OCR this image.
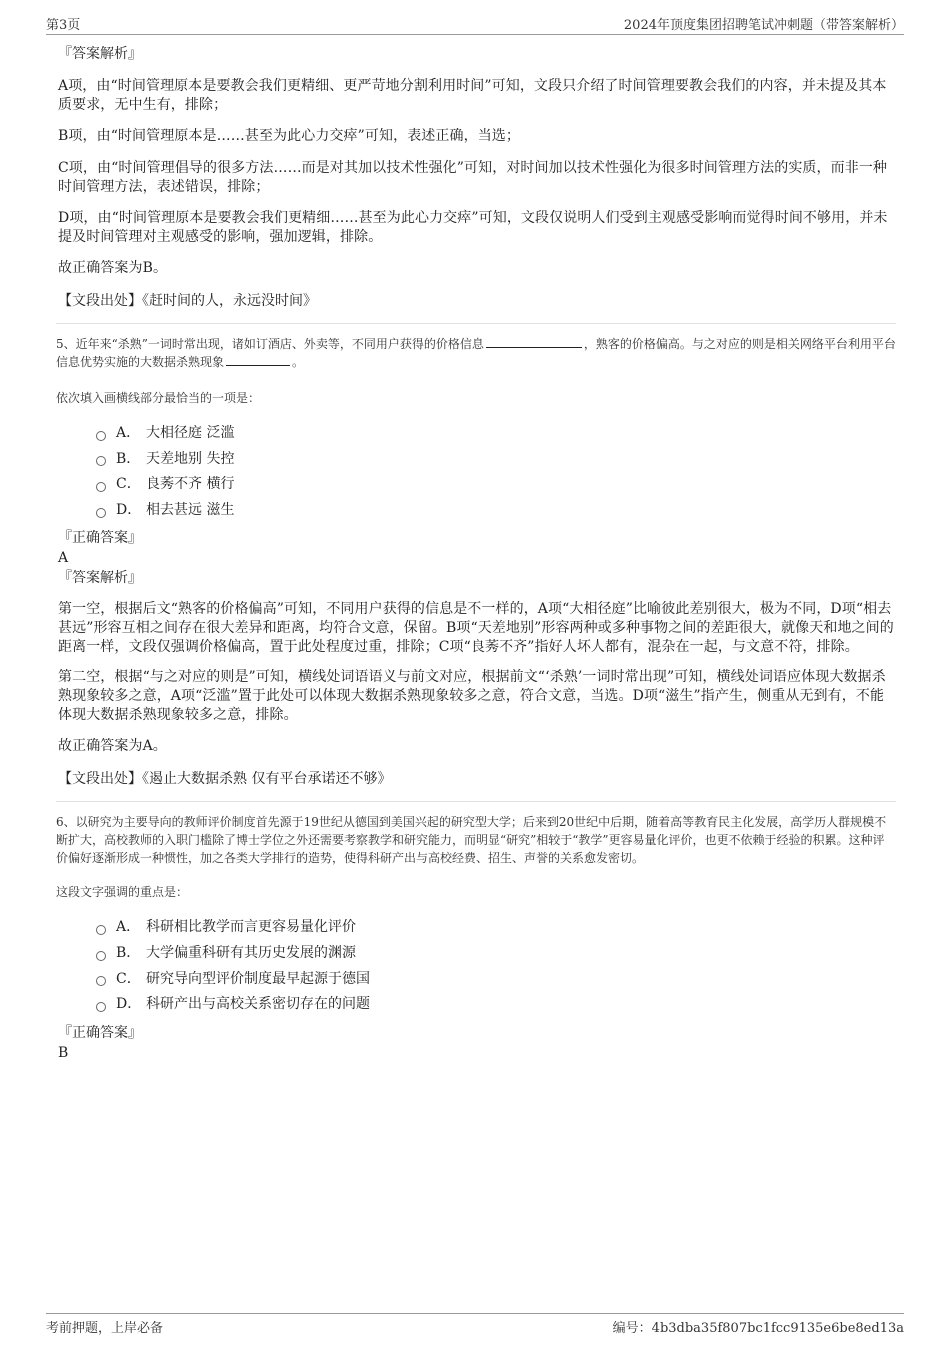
第3页	2024年顶度集团招聘笔试冲刺题（带答案解析）
『答案解析』

A项，由“时间管理原本是要教会我们更精细、更严苛地分割利用时间”可知，文段只介绍了时间管理要教会我们的内容，并未提及其本质要求，无中生有，排除；

B项，由“时间管理原本是……甚至为此心力交瘁”可知，表述正确，当选；

C项，由“时间管理倡导的很多方法……而是对其加以技术性强化”可知，对时间加以技术性强化为很多时间管理方法的实质，而非一种时间管理方法，表述错误，排除；

D项，由“时间管理原本是要教会我们更精细……甚至为此心力交瘁”可知，文段仅说明人们受到主观感受影响而觉得时间不够用，并未提及时间管理对主观感受的影响，强加逻辑，排除。

故正确答案为B。

【文段出处】《赶时间的人，永远没时间》

5、近年来“杀熟”一词时常出现，诸如订酒店、外卖等，不同用户获得的价格信息	，熟客的价格偏高。与之对应的则是相关网络平台利用平台信息优势实施的大数据杀熟现象	。

依次填入画横线部分最恰当的一项是：

A． 大相径庭 泛滥
B． 天差地别 失控
C． 良莠不齐 横行
D． 相去甚远 滋生
『正确答案』
A
『答案解析』

第一空，根据后文“熟客的价格偏高”可知，不同用户获得的信息是不一样的，A项“大相径庭”比喻彼此差别很大，极为不同，D项“相去甚远”形容互相之间存在很大差异和距离，均符合文意，保留。B项“天差地别”形容两种或多种事物之间的差距很大，就像天和地之间的距离一样，文段仅强调价格偏高，置于此处程度过重，排除；C项“良莠不齐”指好人坏人都有，混杂在一起，与文意不符，排除。

第二空，根据“与之对应的则是”可知，横线处词语语义与前文对应，根据前文“‘杀熟’一词时常出现”可知，横线处词语应体现大数据杀熟现象较多之意，A项“泛滥”置于此处可以体现大数据杀熟现象较多之意，符合文意，当选。D项“滋生”指产生，侧重从无到有，不能体现大数据杀熟现象较多之意，排除。

故正确答案为A。

【文段出处】《遏止大数据杀熟 仅有平台承诺还不够》

6、以研究为主要导向的教师评价制度首先源于19世纪从德国到美国兴起的研究型大学；后来到20世纪中后期，随着高等教育民主化发展，高学历人群规模不断扩大，高校教师的入职门槛除了博士学位之外还需要考察教学和研究能力，而明显“研究”相较于“教学”更容易量化评价，也更不依赖于经验的积累。这种评价偏好逐渐形成一种惯性，加之各类大学排行的造势，使得科研产出与高校经费、招生、声誉的关系愈发密切。

这段文字强调的重点是：

A． 科研相比教学而言更容易量化评价
B． 大学偏重科研有其历史发展的渊源
C． 研究导向型评价制度最早起源于德国
D． 科研产出与高校关系密切存在的问题
『正确答案』
B
考前押题，上岸必备	编号：4b3dba35f807bc1fcc9135e6be8ed13a
